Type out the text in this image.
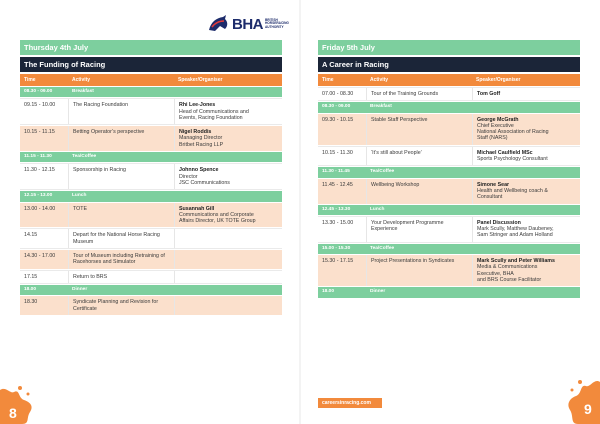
BHA BRITISH HORSERACING AUTHORITY
Thursday 4th July
The Funding of Racing
Time	Activity	Speaker/Organiser
08.30 - 09.00	Breakfast
09.15 - 10.00	The Racing Foundation	Rhi Lee-Jones
Head of Communications and
Events, Racing Foundation
10.15 - 11.15	Betting Operator’s perspective	Nigel Roddis
Managing Director
Britbet Racing LLP
11.15 - 11.30	Tea/Coffee
11.30 - 12.15	Sponsorship in Racing	Johnno Spence
Director
JSC Communications
12.15 - 13.00	Lunch
13.00 - 14.00	TOTE	Susannah Gill
Communications and Corporate
Affairs Director, UK TOTE Group
14.15	Depart for the National Horse Racing Museum
14.30 - 17.00	Tour of Museum including Retraining of Racehorses and Simulator
17.15	Return to BRS
18.00	Dinner
18.30	Syndicate Planning and Revision for Certificate
Friday 5th July
A Career in Racing
Time	Activity	Speaker/Organiser
07.00 - 08.30	Tour of the Training Grounds	Tom Goff
08.30 - 09.00	Breakfast
09.30 - 10.15	Stable Staff Perspective	George McGrath
Chief Executive
National Association of Racing
Staff (NARS)
10.15 - 11.30	‘It’s still about People’	Michael Caulfield MSc
Sports Psychology Consultant
11.30 - 11.45	Tea/Coffee
11.45 - 12.45	Wellbeing Workshop	Simone Sear
Health and Wellbeing coach &
Consultant
12.45 - 13.30	Lunch
13.30 - 15.00	Your Development Programme Experience
Panel Discussion
Mark Scully, Matthew Daubeney,
Sam Stringer and Adam Holland
15.00 - 15.30	Tea/Coffee
15.30 - 17.15	Project Presentations in Syndicates	Mark Scully and Peter Williams
Media & Communications
Executive, BHA
and BRS Course Facilitator
18.00	Dinner
careersinracing.com
8	9
